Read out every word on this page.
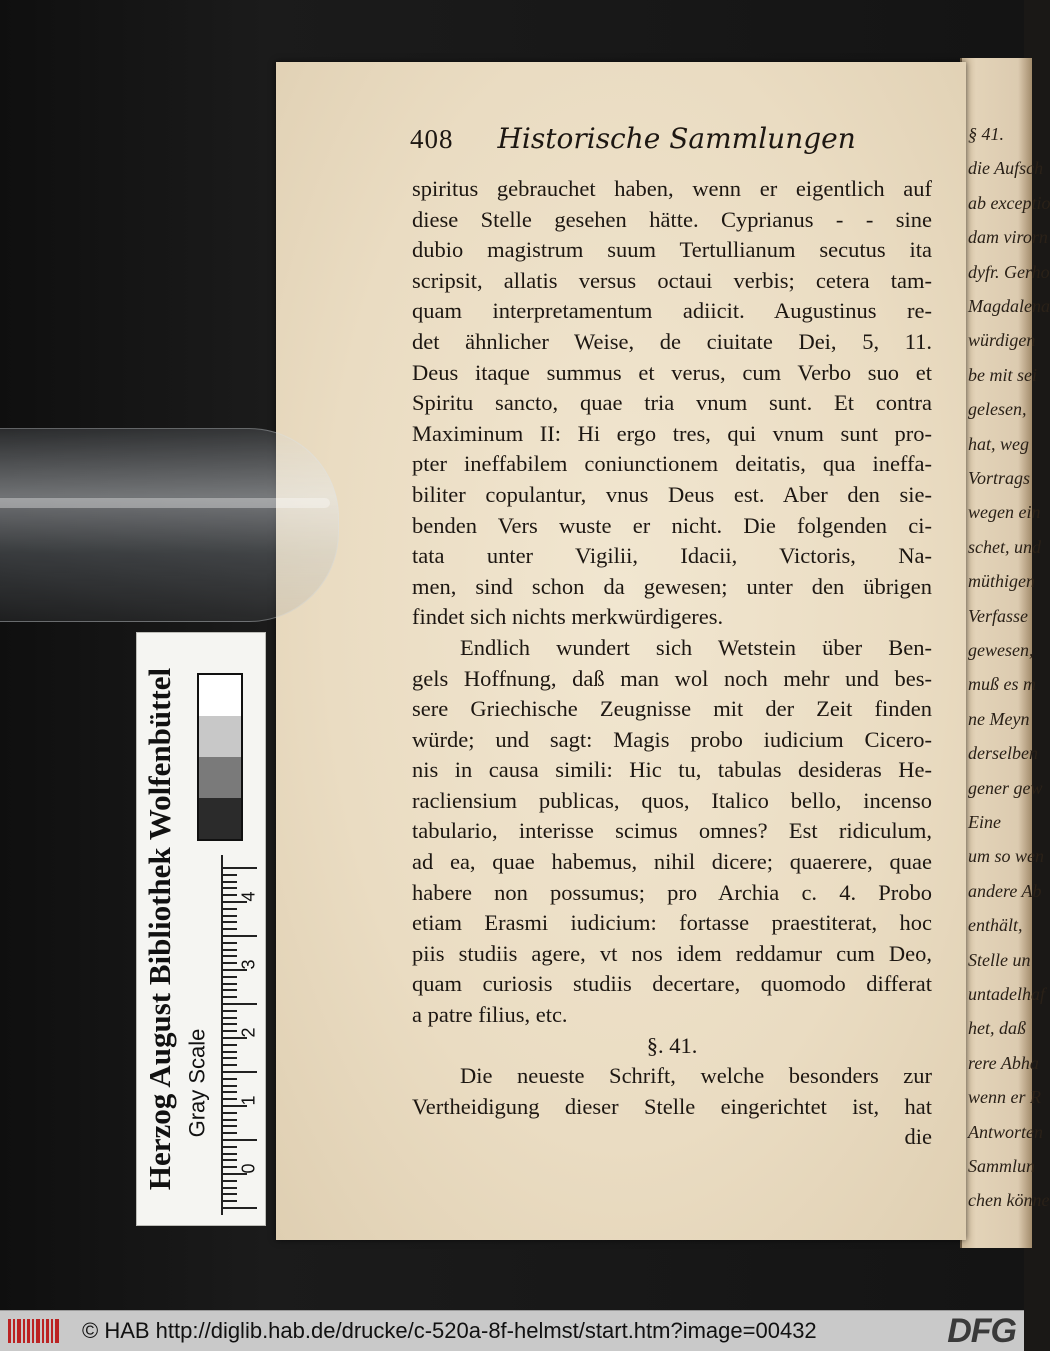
§ 41.
die Aufsch
ab exceptio
dam virorn
dyfr. Gerho
Magdalena
würdigen
be mit sei
gelesen,
hat, weg
Vortrags
wegen ein
schet, und
müthigen
Verfasse
gewesen,
muß es m
ne Meyn
derselben
gener gew
Eine
um so wen
andere Ab
enthält,
Stelle un
untadelhaf
het, daß
rere Abha
wenn er R
Antworten
Sammlun
chen könne
408 Historische Sammlungen
spiritus gebrauchet haben, wenn er eigentlich auf
diese Stelle gesehen hätte. Cyprianus - - sine
dubio magistrum suum Tertullianum secutus ita
scripsit, allatis versus octaui verbis; cetera tam-
quam interpretamentum adiicit. Augustinus re-
det ähnlicher Weise, de ciuitate Dei, 5, 11.
Deus itaque summus et verus, cum Verbo suo et
Spiritu sancto, quae tria vnum sunt. Et contra
Maximinum II: Hi ergo tres, qui vnum sunt pro-
pter ineffabilem coniunctionem deitatis, qua ineffa-
biliter copulantur, vnus Deus est. Aber den sie-
benden Vers wuste er nicht. Die folgenden ci-
tata unter Vigilii, Idacii, Victoris, Na-
men, sind schon da gewesen; unter den übrigen
findet sich nichts merkwürdigeres.
Endlich wundert sich Wetstein über Ben-
gels Hoffnung, daß man wol noch mehr und bes-
sere Griechische Zeugnisse mit der Zeit finden
würde; und sagt: Magis probo iudicium Cicero-
nis in causa simili: Hic tu, tabulas desideras He-
racliensium publicas, quos, Italico bello, incenso
tabulario, interisse scimus omnes? Est ridiculum,
ad ea, quae habemus, nihil dicere; quaerere, quae
habere non possumus; pro Archia c. 4. Probo
etiam Erasmi iudicium: fortasse praestiterat, hoc
piis studiis agere, vt nos idem reddamur cum Deo,
quam curiosis studiis decertare, quomodo differat
a patre filius, etc.
§. 41.
Die neueste Schrift, welche besonders zur
Vertheidigung dieser Stelle eingerichtet ist, hat
die
Herzog August Bibliothek Wolfenbüttel Gray Scale
4
3
2
1
0
© HAB http://diglib.hab.de/drucke/c-520a-8f-helmst/start.htm?image=00432	DFG
